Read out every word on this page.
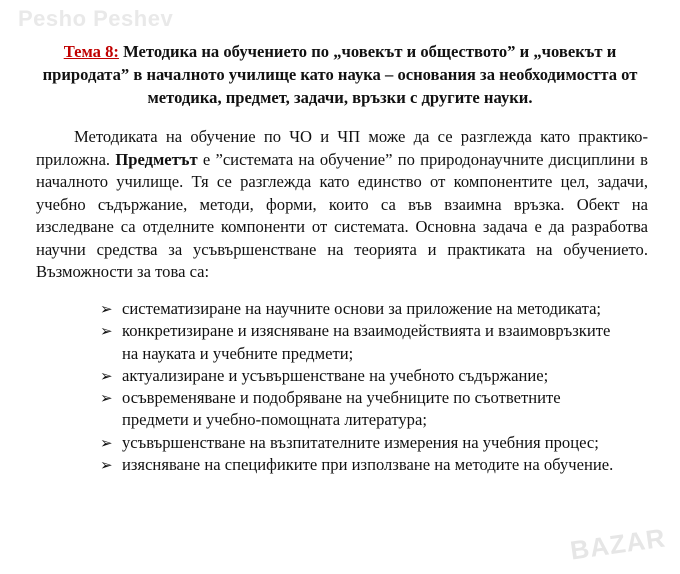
Pesho Peshev
Тема 8: Методика на обучението по „човекът и обществото” и „човекът и природата” в началното училище като наука – основания за необходимостта от методика, предмет, задачи, връзки с другите науки.
Методиката на обучение по ЧО и ЧП може да се разглежда като практико-приложна. Предметът е ”системата на обучение” по природонаучните дисциплини в началното училище. Тя се разглежда като единство от компонентите цел, задачи, учебно съдържание, методи, форми, които са във взаимна връзка. Обект на изследване са отделните компоненти от системата. Основна задача е да разработва научни средства за усъвършенстване на теорията и практиката на обучението. Възможности за това са:
➢ систематизиране на научните основи за приложение на методиката;
➢ конкретизиране и изясняване на взаимодействията и взаимовръзките на науката и учебните предмети;
➢ актуализиране и усъвършенстване на учебното съдържание;
➢ осъвременяване и подобряване на учебниците по съответните предмети и учебно-помощната литература;
➢ усъвършенстване на възпитателните измерения на учебния процес;
➢ изясняване на спецификите при използване на методите на обучение.
BAZAR
